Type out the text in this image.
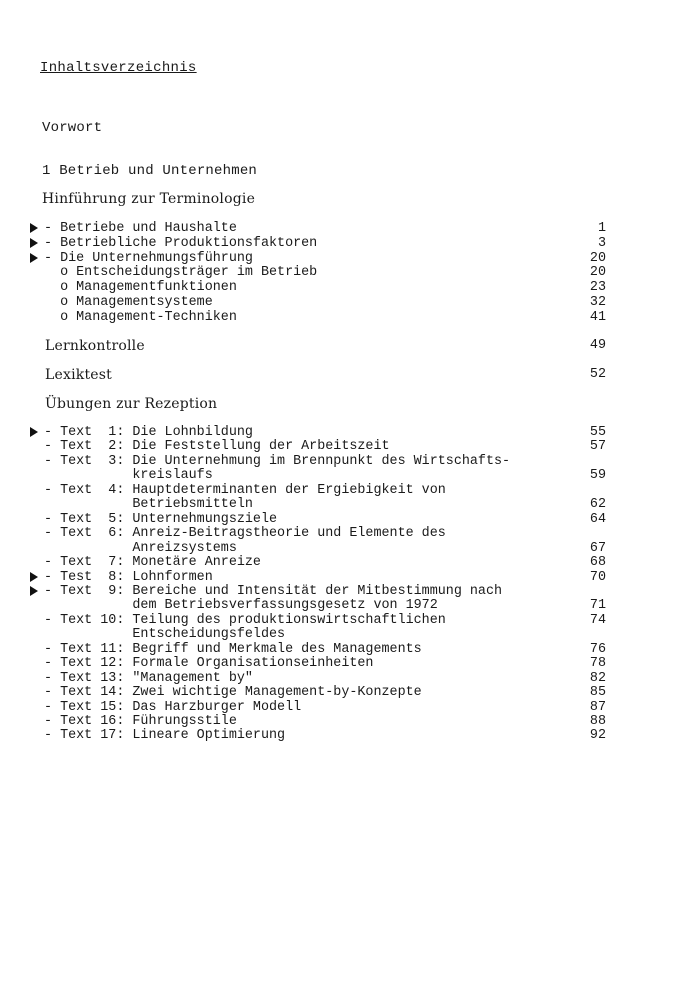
Inhaltsverzeichnis
Vorwort
1 Betrieb und Unternehmen
Hinführung zur Terminologie
- Betriebe und Haushalte	1
- Betriebliche Produktionsfaktoren	3
- Die Unternehmungsführung	20
o Entscheidungsträger im Betrieb	20
o Managementfunktionen	23
o Managementsysteme	32
o Management-Techniken	41
Lernkontrolle	49
Lexiktest	52
Übungen zur Rezeption
- Text  1: Die Lohnbildung	55
- Text  2: Die Feststellung der Arbeitszeit	57
- Text  3: Die Unternehmung im Brennpunkt des Wirtschafts-
kreislaufs	59
- Text  4: Hauptdeterminanten der Ergiebigkeit von
Betriebsmitteln	62
- Text  5: Unternehmungsziele	64
- Text  6: Anreiz-Beitragstheorie und Elemente des
Anreizsystems	67
- Text  7: Monetäre Anreize	68
- Test  8: Lohnformen	70
- Text  9: Bereiche und Intensität der Mitbestimmung nach
dem Betriebsverfassungsgesetz von 1972	71
- Text 10: Teilung des produktionswirtschaftlichen	74
Entscheidungsfeldes
- Text 11: Begriff und Merkmale des Managements	76
- Text 12: Formale Organisationseinheiten	78
- Text 13: "Management by"	82
- Text 14: Zwei wichtige Management-by-Konzepte	85
- Text 15: Das Harzburger Modell	87
- Text 16: Führungsstile	88
- Text 17: Lineare Optimierung	92
